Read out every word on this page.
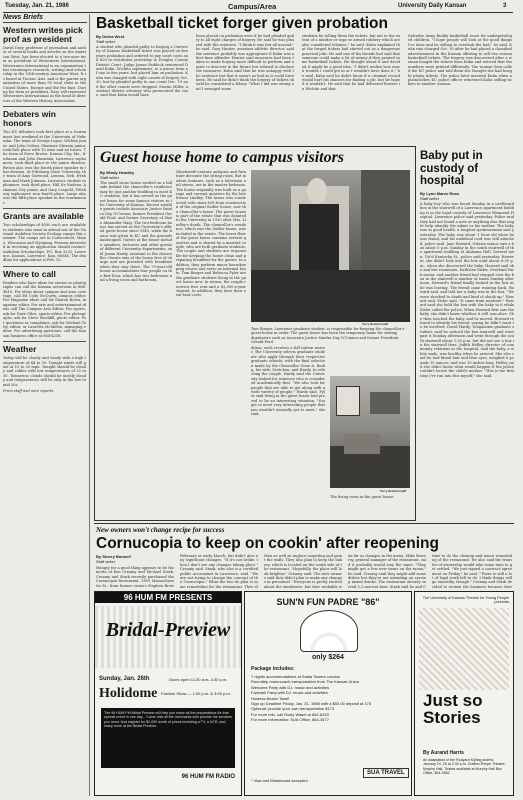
Tuesday, Jan. 21, 1986	Campus/Area	University Daily Kansan	3
News Briefs
Western writes pick prof as president
David Dary, professor of journalism and author of several books and articles on the American West, has been elected to a two-year term as president of Westerners International. Westerners International is an organization that encourages research, writing and scholarship in the 19th-century American West. It is based in Tucson, Ariz. and is the parent organization of more than 90 local clubs in the United States, Europe and the Far East. During his term as president, Dary will represent Westerners International as the head of directors of the Western History Association.
Debaters win honors
Two KU debaters took first place at a tournament last weekend at the University of Nebraska. The team of George Lopez, Wichita junior, and John Cofran, Shawnee Mission junior, took first place with 10 wins and no losses. The team of Steve Brown, Kansas City, Mo., freshman and John Stanziola, Lawrence sophomore, took third place in the junior division. Brown also won the fourth place speaker in that division. At Pittsburg State University, the team of Amy Garwood, Lenexa, Neb. freshman and Mark Johnson, Lawrence student sophomore, took third place. Hill Ne Nadeau, Arkansas City junior, and Gary Leopold, Pittsburg sophomore won fourth place. Large also was the fifth-place speaker in the tournament.
Grants are available
Two scholarships of $500 each are available to students who want to attend one of the National Audubon Society Ecology camps this summer. The camps are in Connecticut, Maine, Wisconsin and Wyoming. Persons interested in receiving an application should contact: Audubon Scholarships, P.O. Box 3232, Lawrence, Kansas, Lawrence, Kan. 66046. The deadline for applications is Feb. 15.
Where to call
Readers who have ideas for stories or photographs can call the Kansan newsroom at 864-4810. For ideas about campus and area coverage, call Ed Cody McCurry, campus editor. For Magazine ideas call Sir Sharon Bolen, magazine editor. For arts and entertainment ideas call Tim Campus Arts Editor. For sports, ask for Dave Giles, sports editor. For photographs, ask for Steve Wooldill, photo editor. For questions or complaints, ask for Michael Tetty, editor, or Lauretta McMillen, managing editor. For advertising questions, call the Kansan business office at 864-4358.
Weather
Today will be cloudy and windy with a high temperature of 44 to 50. Tonight winds will gust at 10 to 20 mph. Tonight should be cloudy and colder with low temperatures of 25 to 30. Tomorrow, clouds should be mostly cloudy and temperatures will be only in the low to mid 30s.
From staff and wire reports
Basketball ticket forger given probation
By Debra West
Staff writer
A student who pleaded guilty to forging a University of Kansas basketball ticket was placed on five years probation and ordered to pay court costs and $20 in restitution yesterday in Douglas County District Court. Judge James Paddock sentenced David Kuhn, Wichita sophomore, to a prison term of one to five years, but placed him on probation. Kuhn was charged with eight counts of forgery Oct. 30, but he pleaded guilty to one count Dec. 19 and the other counts were dropped. Martin Miller, assistant district attorney who prosecuted the case, said that Kuhn would have
been placed on probation even if he had pleaded guilty to all eight charges of forgery. He said he was pleased with the sentence. "I think it was fair all around," he said. Gary Hunter, assistant athletic director, said the sentence probably was appropriate if Kuhn was a first-time offender. Hunter said measures had been taken to make forgery more difficult to perform and easier to discover in the future but refused to disclose the measures. Kuhn said that he was unhappy with the sentence but that it wasn't as bad as it could have been. He said he didn't think the forgery of tickets should be considered a felony. "What I did was wrong and I wronged some
students by selling them the tickets, but not to the extent of a murder or rape or armed robbery which are also considered felonies," he said. Kuhn explained that the forged tickets had started out as a dangerous practical joke. He and one of his friends had said that someone could make a lot of money if they printed some basketball tickets. He thought about it and decided it might be a good idea. "I didn't realize how much trouble I could get in or I wouldn't have done it," he said. Kuhn said he didn't know if a criminal record would hurt his chances for finding a job, but he hoped it wouldn't. He said that he had delivered flowers in Wichita and that
Salvador Army Buddy basketball tours for underprivileged children. "I hope people will look at the good things I've done and be willing to overlook the bad," he said. Kuhn was charged Oct. 30 after he had placed a classified advertisement in the Kansan offering to sell two season basketball tickets. The forgery was discovered after a woman bought the tickets from Kuhn and noticed that the numbers were printed differently. The woman then called the KU police and told them she thought she had bought phony tickets. The police later arrested Kuhn when a plainclothes KU police officer witnessed Kuhn selling tickets to another woman.
Guest house home to campus visitors
By Mindy Headley
Staff writer
The small stone house nestled on a hillside behind the chancellor's residence may be just another building to most KU students, but it has served as the guest house for some famous visitors to the University of Kansas. Recent notable guests include Associate Justice Sandra Day O'Connor, former President Gerald Ford, and former Secretary of State Alexander Haig. The two-bedroom house has served as the University's official guest house since 1945, when the house was given to KU and the grounds landscaped. Guests at the house include speakers, lecturers and other guests of different University departments, said Joann Hardy, assistant to the chancellor. Guests stay at the house free of charge and are provided with breakfast when they stay there. The 70-year-old house accommodates four people on the first floor, which has two bedrooms and a living room and bathroom.
Nineteenth-century antiques and furniture decorate the sitting room. But modern features, such as a television and stereo, are in the master bedroom. The house originally was built as a garage and servant quarters by the late Ernest Lindley. The house was constructed with stone left from construction of the original Sudler house, now the chancellor's home. The guest house is part of the estate that was donated to the University in 1930 after Mrs. Lindley's death. The chancellor's residence, which was the Sudler house, was included in the estate. The lower floor of the guest house contains servant quarters and is shared by a married couple, who are both graduate students. The couple and students are responsible for keeping the house clean and preparing breakfast for the guests. In addition, they perform minor housekeeping chores and serve as informal hosts. Tom Borger and Rebecca Fyler are the graduate students living in the guest house now. In return, the couple receives free rent and a $2,000-a-year stipend. In addition, they have their own food costs.
Terry Belsher/staff
Tom Borger, Lawrence graduate student, is responsible for keeping the chancellor's guest house in order. The guest house has been the temporary home for visiting dignitaries such as Associate Justice Sandra Day O'Connor and former President Gerald Ford.
dition, each receives a full tuition waiver. The University selects graduate students who apply through their respective graduate schools, with the final selection made by the Chancellor Gene A. Budig, his wife, Gretchen, and Hardy. In selecting the couple, Hardy said the University looked for someone who is considered academically first. "We also look for people that are able to get along with a wide variety of people," Hardy said. Fyler said living in the guest house had proved to be an interesting situation. "You get to meet very interesting people that you wouldn't normally get to meet," she said.
Terry Belsher/staff
The living room in the guest house.
Baby put in custody of hospital
By Lynn Maree Ross
Staff writer
A baby boy who was found Sunday in a cardboard box in the stairwell of a Lawrence apartment building is in the legal custody of Lawrence Memorial Hospital, Lawrence police said yesterday. Police said they had not found a note or anything else that might help identify the infant or his mother. The baby was in good health, a hospital spokeswoman said yesterday. The baby was about 1 hour old when he was found, and his umbilical cord was still attached, police said. Jane Howard, Ottawa senior, saw a box about 5 p.m. Sunday in the south stairwell of the apartment building at Alabama Hall. Several men, 1000 Kentucky St., police said yesterday. However, she didn't look into the box until about 6:30 p.m., when she discovered the baby. Howard said she and her roommate, Kathleen Eisler, Overland Park senior, and another friend had stepped over the box in the stairwell a number of times Sunday afternoon. Howard's friend finally looked in the box as he was leaving. The friend came running back, Howard said, and told her a baby was in the box. "We were shocked to death and kind of shook up," Howard said. Eisler said, "It came from nowhere." Howard said she held the box with the baby in it while Eisler called the police. When Howard first saw the baby, she didn't know whether it still was alive. She then touched the baby, and he moved. Howard refused to identify his friend, saying he didn't want to be involved. David Hardy, Tonganoxie graduate student, said he noticed the box stairwell and went past it Sunday afternoon and went through the south stairwell about 1:30 p.m. but did not see a box in the stairwell then. Judith Hefley, director of community relations at the hospital, said the baby, a white male, was healthy when he arrived. She also said he had blond hair and blue eyes, weighed 6 pounds 10 ounces, and was 19 inches long. Hefley said she didn't know what would happen if the police couldn't locate the child's mother. "This is the first time I've run into this myself," she said.
New owners won't change recipe for success
Cornucopia to keep on cookin' after reopening
By Sherry Bonnell
Staff writer
Hungry for a good thing appears to be the motto of Ken Creamy and Michael Stark. Creamy and Stark recently purchased the Cornucopia Restaurant, 1801 Massachusetts St., from former owners Stephen Brow
February or early March, but didn't give any significant changes. "If it's not broke, then I don't see any changes taking place," Creamy said. Stark, who also is a certified public accountant in Lawrence, said, "We are not trying to change the concept of the Cornucopia." What the two do plan is some remodeling for the restaurant. They pl
then as well as replace carpeting and paint the walls. They also plan to keep the bakery, which is located on the south side of the restaurant. "Hopefully, the place will look brighter," Creamy said. The new owners said they didn't plan to make any changes in personnel. "Everyone is pretty excited about the employees, but they probably w
As far as changes in the menu, Mike Bowersy, general manager of the restaurant, said it probably would stay the same. "They might get a few new items on the menu," he said. Creamy said they might add some dishes but they're not intending on serving mixed drinks. The restaurant already served 3.2 percent beer. Stark said he and C
time to do the cleanup and minor remodeling of the restaurant. He also said the transfer of ownership would take some time to get settled. "We just signed a contract agreement on Friday," he said. "There is still a lot of legal work left to do. I think things will go smoothly, though." Creamy and Stark decided to reopen the business because they
96 HUM FM PRESENTS
Bridal-Preview
Sunday, Jan. 26th	Doors open 11:30 a.m.-4:30 p.m.
Holidome Fashion Show — 1:00 p.m. & 3:00 p.m.
The 96 HUM FM Bridal Preview will help you make all the preparations for that special event in one day... Come visit all the merchants who provide the services you need. And register for $2,000 worth of prizes including a TV, a VCR, and many more at the Bridal Preview.
96 HUM FM RADIO
SUN'N FUN PADRE "86"
only $264
Package includes:
7 nights accommodations at Saida Towers condos
Roundtrip motorcoach transportation from The Kansas Union
Welcome Party with DJ, music and activities
Farewell Party with DJ, music and activities
Hostess Beach Towel
Sign up Deadline Friday, Jan. 31. 1986 with a $50.00 deposit at 175
Optional: provide your own transportation $173
For more info. call Rusty Wasel at 862-6315
For more information: SUA Office, 864-3477
* Visa and Mastercard accepted
SUA TRAVEL
The University of Kansas Theatre for Young People presents
Just so Stories
By Aurand Harris
An adaptation of the Rudyard Kipling stories. January 24, 25 at 2:30 p.m. Crafton-Preyer Theatre, Murphy Hall. Tickets available at Murphy Hall Box Office, 864-3982.
